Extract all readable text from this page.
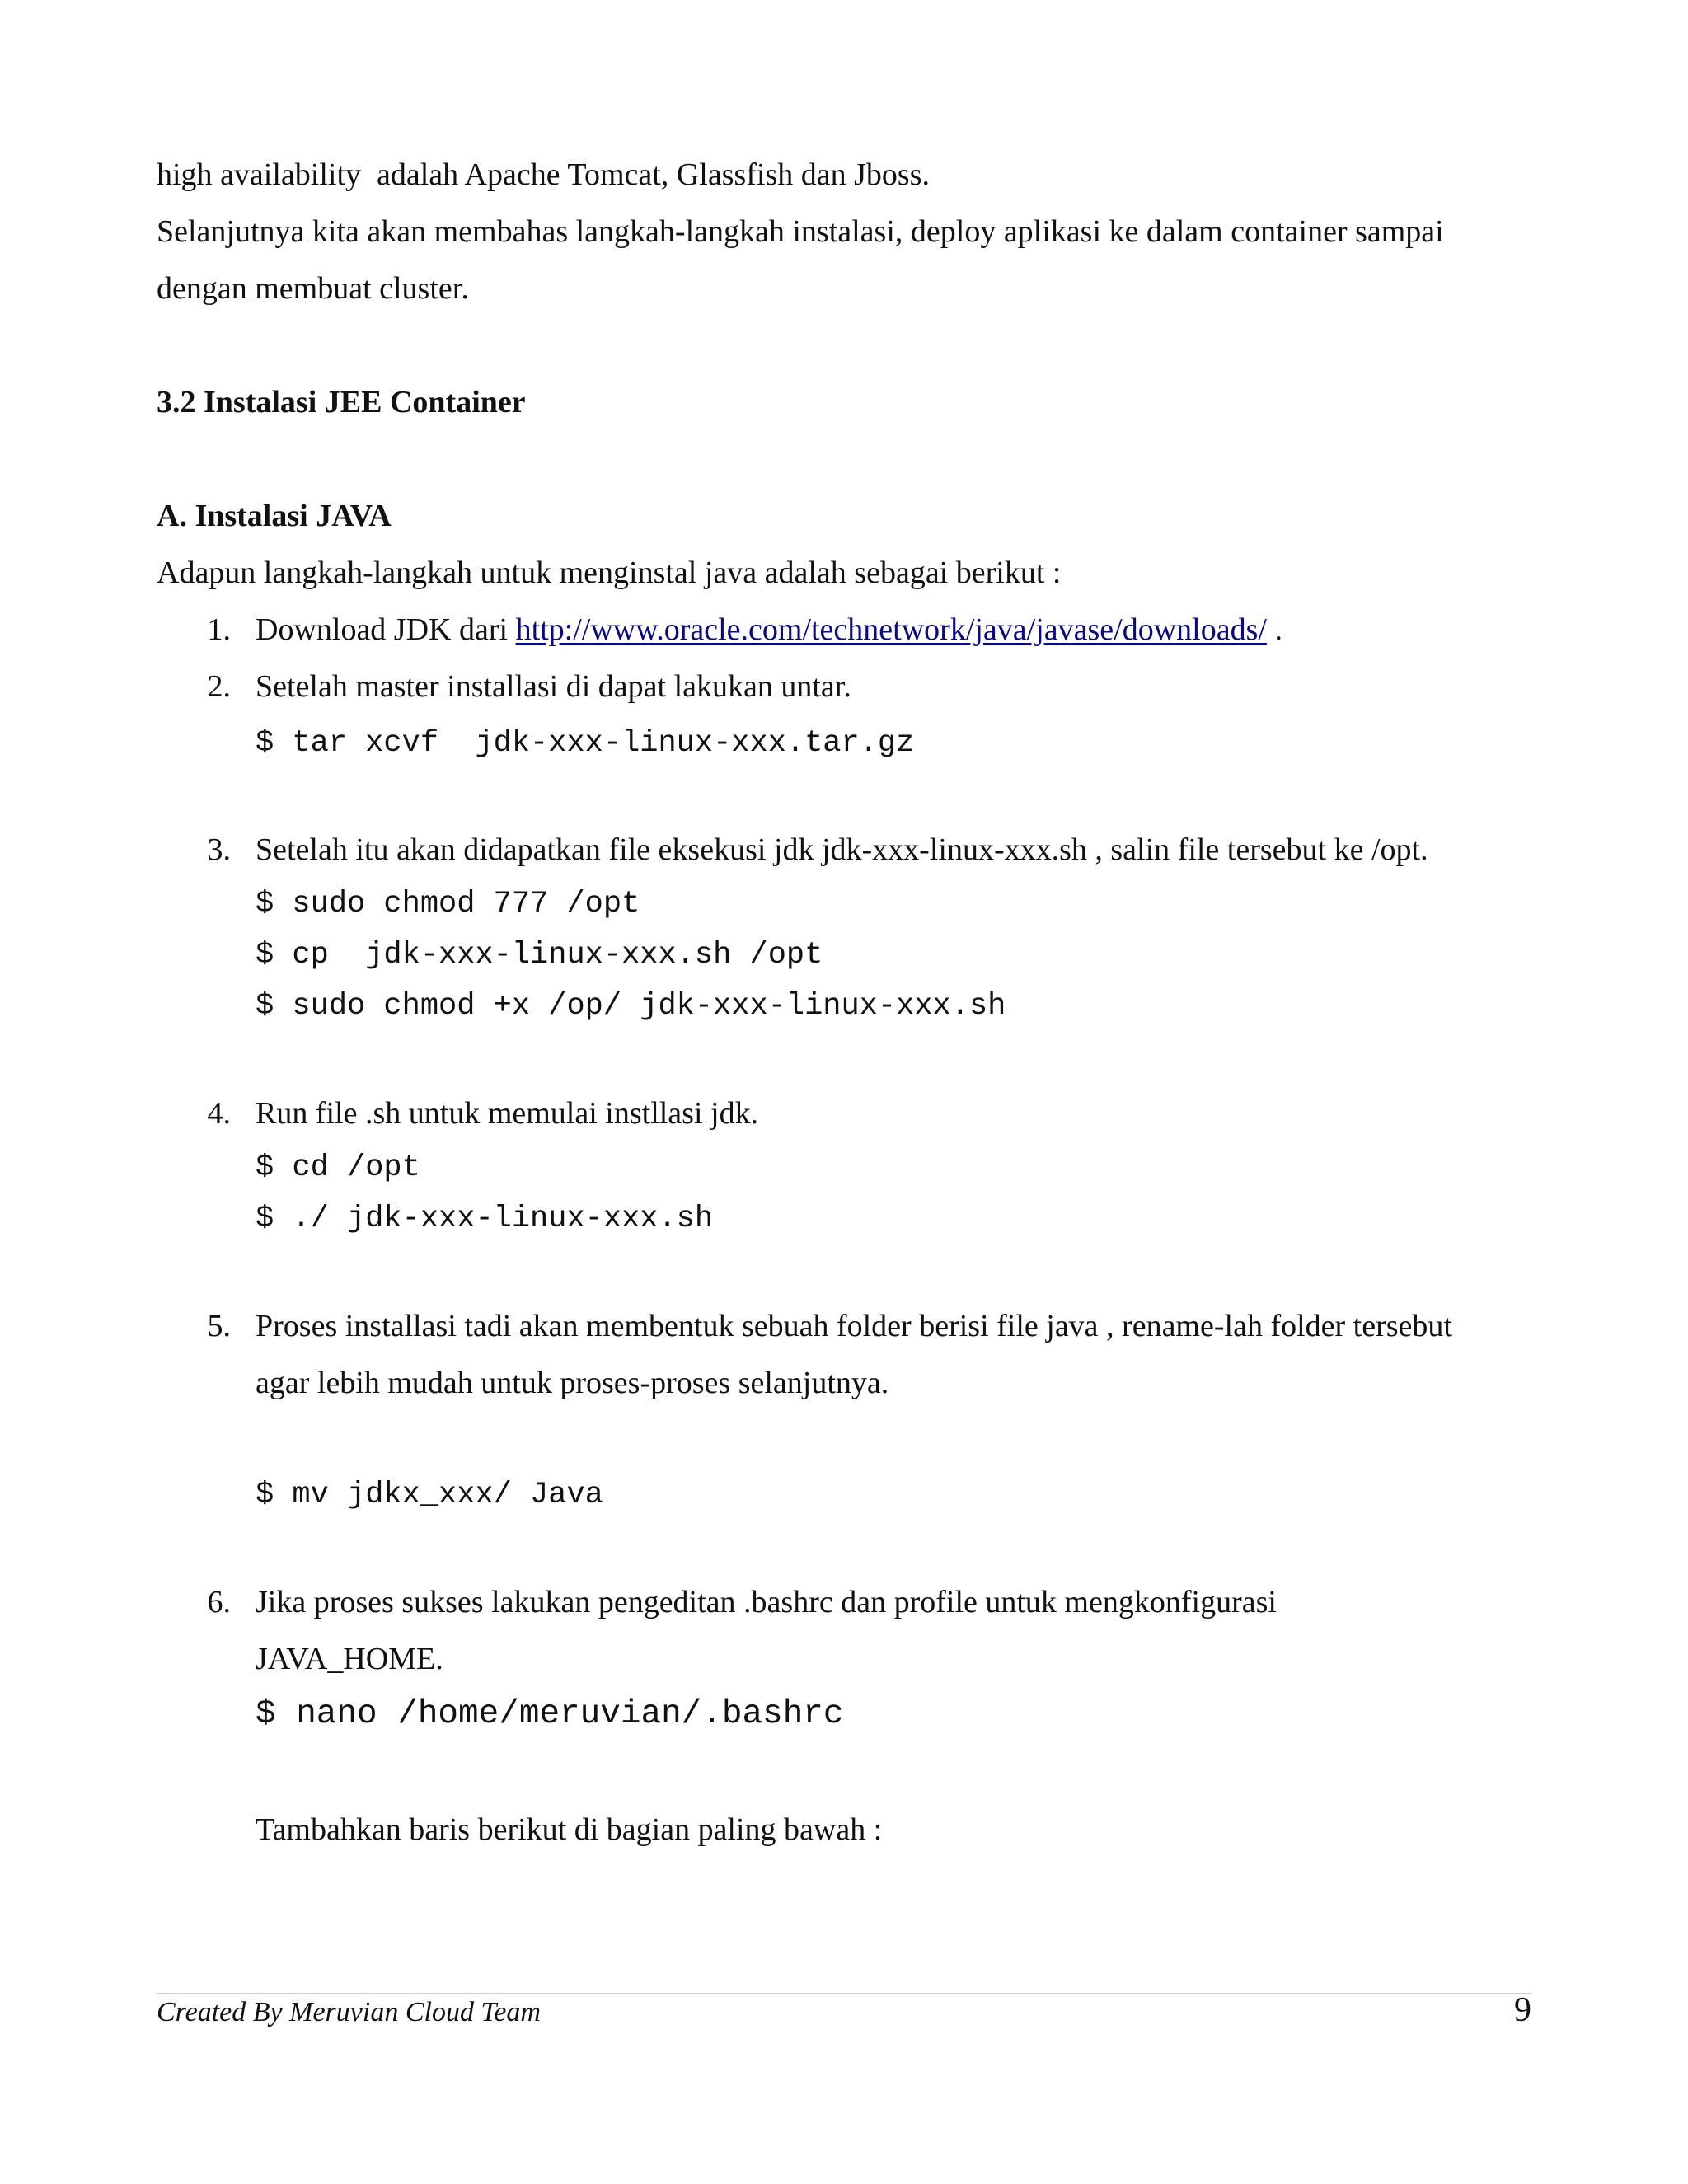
high availability  adalah Apache Tomcat, Glassfish dan Jboss.

Selanjutnya kita akan membahas langkah-langkah instalasi, deploy aplikasi ke dalam container sampai

dengan membuat cluster.

3.2 Instalasi JEE Container

A. Instalasi JAVA

Adapun langkah-langkah untuk menginstal java adalah sebagai berikut :

1. Download JDK dari http://www.oracle.com/technetwork/java/javase/downloads/ .

2. Setelah master installasi di dapat lakukan untar.

$ tar xcvf  jdk-xxx-linux-xxx.tar.gz

3. Setelah itu akan didapatkan file eksekusi jdk jdk-xxx-linux-xxx.sh , salin file tersebut ke /opt.

$ sudo chmod 777 /opt

$ cp  jdk-xxx-linux-xxx.sh /opt

$ sudo chmod +x /op/ jdk-xxx-linux-xxx.sh

4. Run file .sh untuk memulai instllasi jdk.

$ cd /opt

$ ./ jdk-xxx-linux-xxx.sh

5. Proses installasi tadi akan membentuk sebuah folder berisi file java , rename-lah folder tersebut

agar lebih mudah untuk proses-proses selanjutnya.

$ mv jdkx_xxx/ Java

6. Jika proses sukses lakukan pengeditan .bashrc dan profile untuk mengkonfigurasi

JAVA_HOME.

$ nano /home/meruvian/.bashrc

Tambahkan baris berikut di bagian paling bawah :

Created By Meruvian Cloud Team	9
